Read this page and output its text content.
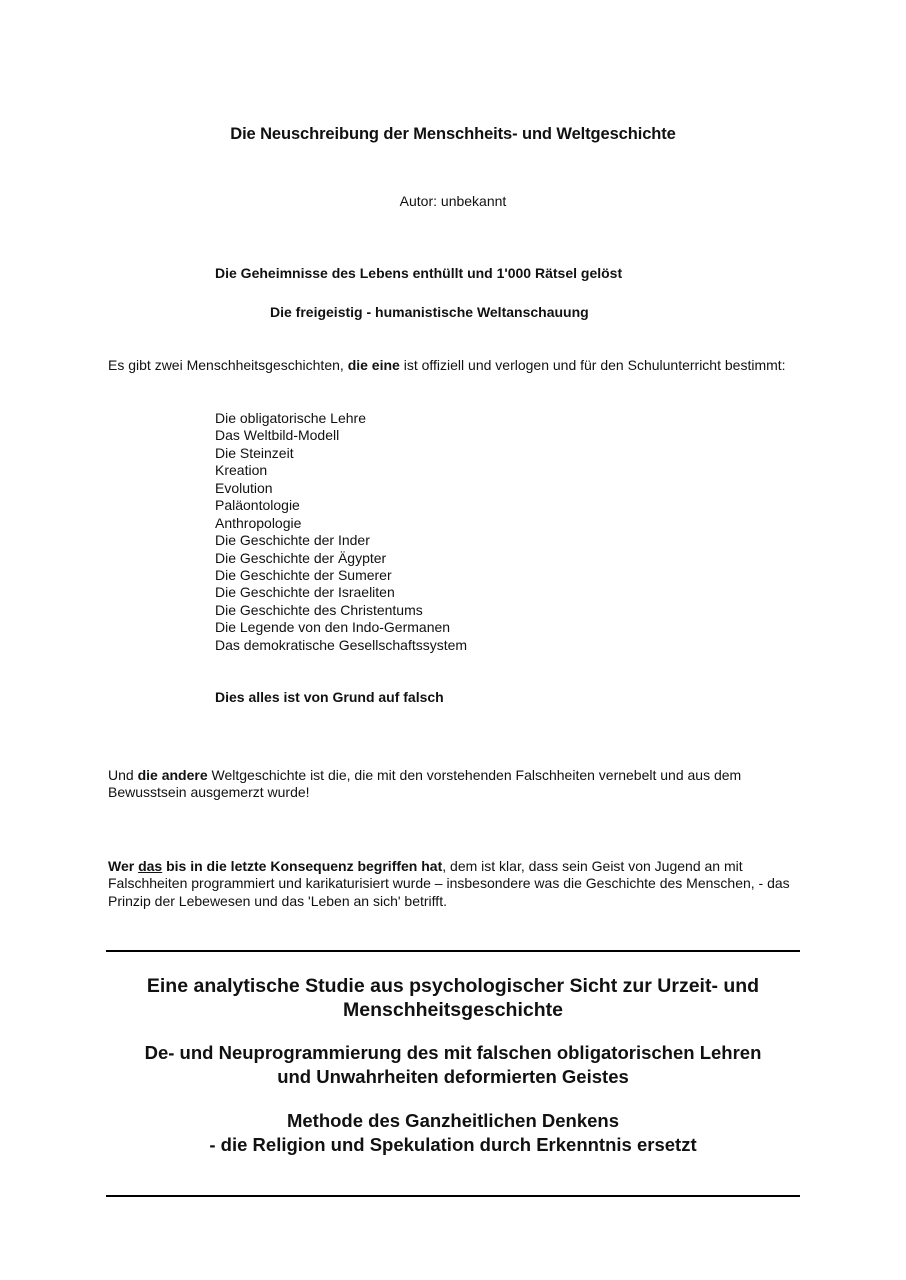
Die Neuschreibung der Menschheits- und Weltgeschichte
Autor: unbekannt
Die Geheimnisse des Lebens enthüllt und 1'000 Rätsel gelöst
Die freigeistig - humanistische Weltanschauung

Es gibt zwei Menschheitsgeschichten, die eine ist offiziell und verlogen und für den Schulunterricht bestimmt:

Die obligatorische Lehre
Das Weltbild-Modell
Die Steinzeit
Kreation
Evolution
Paläontologie
Anthropologie
Die Geschichte der Inder
Die Geschichte der Ägypter
Die Geschichte der Sumerer
Die Geschichte der Israeliten
Die Geschichte des Christentums
Die Legende von den Indo-Germanen
Das demokratische Gesellschaftssystem
Dies alles ist von Grund auf falsch

Und die andere Weltgeschichte ist die, die mit den vorstehenden Falschheiten vernebelt und aus dem Bewusstsein ausgemerzt wurde!

Wer das bis in die letzte Konsequenz begriffen hat, dem ist klar, dass sein Geist von Jugend an mit Falschheiten programmiert und karikaturisiert wurde – insbesondere was die Geschichte des Menschen, - das Prinzip der Lebewesen und das 'Leben an sich' betrifft.

Eine analytische Studie aus psychologischer Sicht zur Urzeit- und
Menschheitsgeschichte
De- und Neuprogrammierung des mit falschen obligatorischen Lehren
und Unwahrheiten deformierten Geistes
Methode des Ganzheitlichen Denkens
- die Religion und Spekulation durch Erkenntnis ersetzt
